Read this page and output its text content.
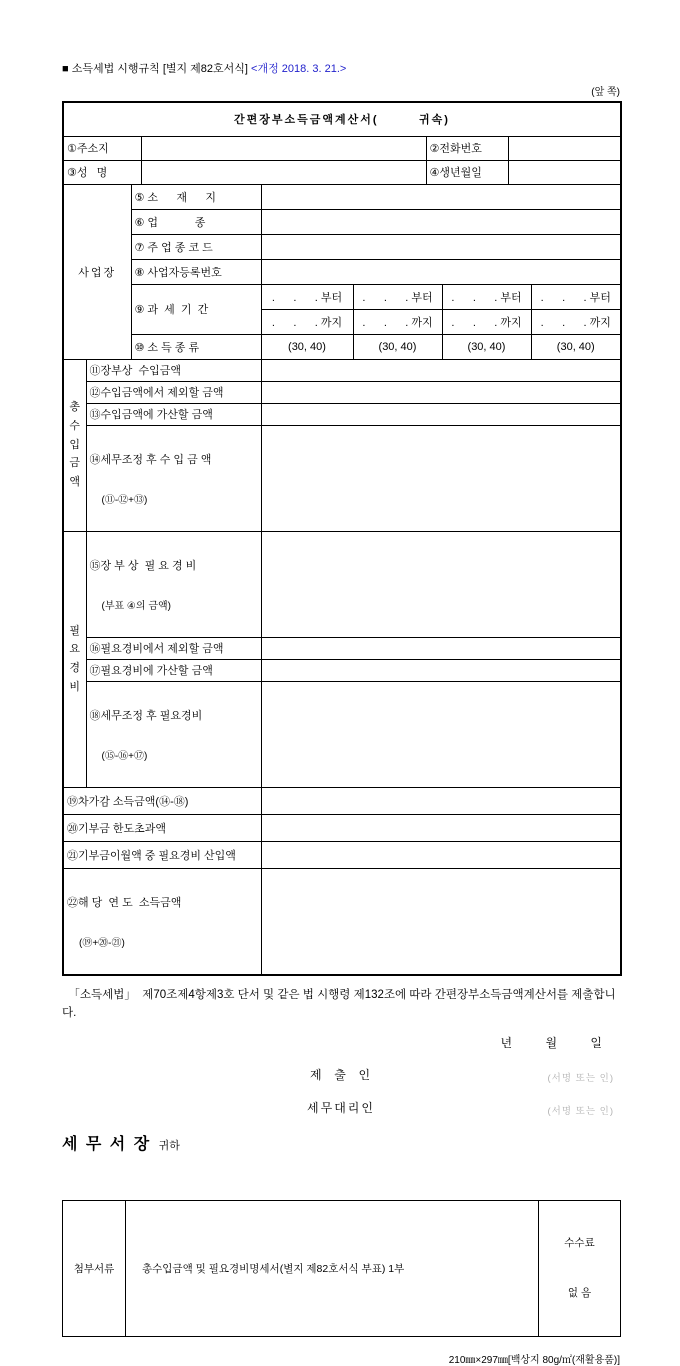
■ 소득세법 시행규칙 [별지 제82호서식] <개정 2018. 3. 21.>
(앞 쪽)
간편장부소득금액계산서(        귀속)									
①주소지						②전화번호			
③성   명						④생년월일			
사업장		⑤ 소      재      지							
		⑥ 업            종							
		⑦ 주 업 종 코 드							
		⑧ 사업자등록번호							
		⑨ 과  세  기  간		.      .      . 부터	.      .      . 부터		.      .      . 부터		.      .      . 부터
				.      .      . 까지	.      .      . 까지		.      .      . 까지		.      .      . 까지
		⑩ 소 득 종 류		(30, 40)	(30, 40)		(30, 40)		(30, 40)
총수입금액	⑪장부상  수입금액								
	⑫수입금액에서 제외할 금액								
	⑬수입금액에 가산할 금액								

	⑭세무조정 후 수 입 금 액

(⑪-⑫+⑬)								

필요경비	⑮장 부 상  필 요 경 비

(부표 ④의 금액)								

	⑯필요경비에서 제외할 금액								
	⑰필요경비에 가산할 금액								

	⑱세무조정 후 필요경비

(⑮-⑯+⑰)								

⑲차가감 소득금액(⑭-⑱)									
⑳기부금 한도초과액									
㉑기부금이월액 중 필요경비 산입액									

㉒해 당  연 도  소득금액

(⑲+⑳-㉑)									

「소득세법」  제70조제4항제3호 단서 및 같은 법 시행령 제132조에 따라 간편장부소득금액계산서를 제출합니다.
년          월          일
제  출  인	(서명 또는 인)
세무대리인	(서명 또는 인)
세 무 서 장 귀하
첨부서류	총수입금액 및 필요경비명세서(별지 제82호서식 부표) 1부	

수수료

없 음

210㎜×297㎜[백상지 80g/㎡(재활용품)]
